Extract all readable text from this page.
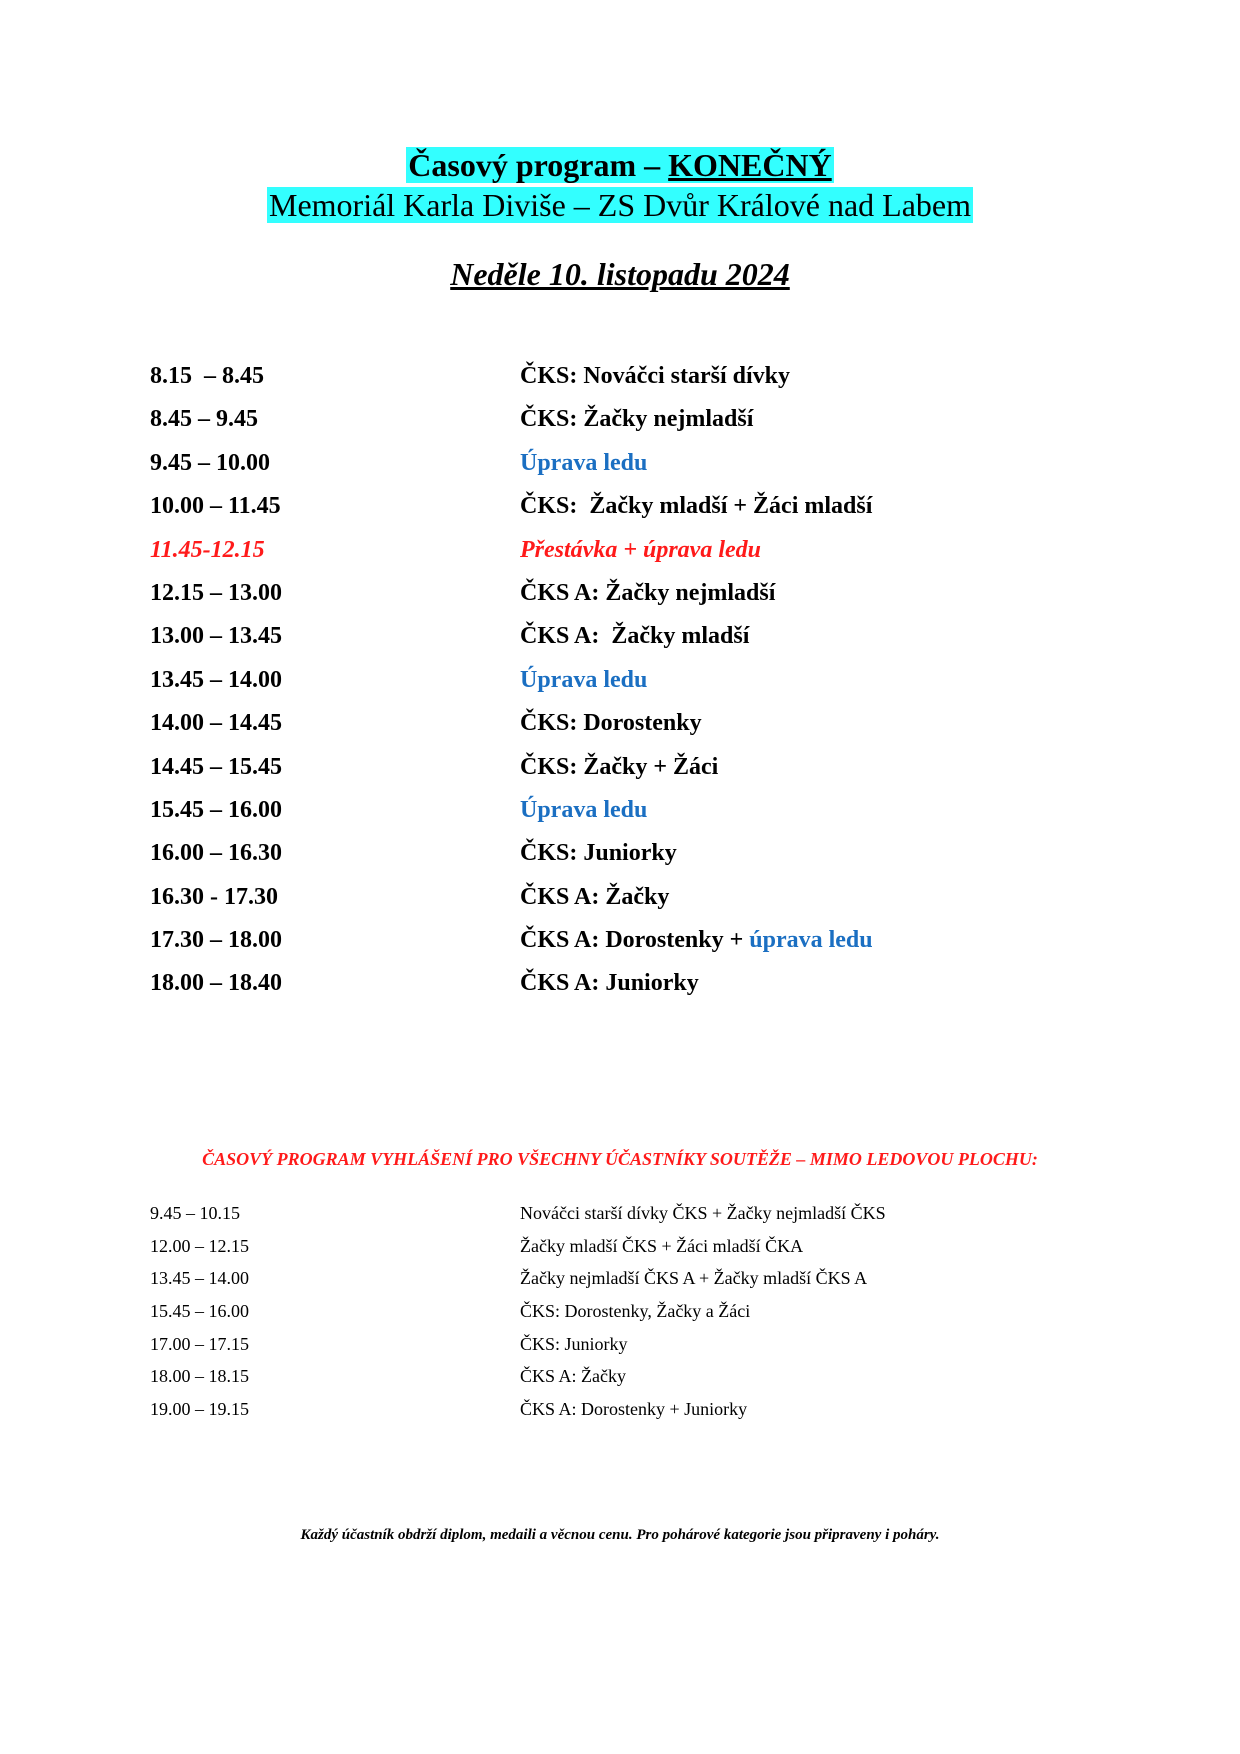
Časový program – KONEČNÝ
Memoriál Karla Diviše – ZS Dvůr Králové nad Labem
Neděle 10. listopadu 2024
8.15  – 8.45	ČKS: Nováčci starší dívky
8.45 – 9.45	ČKS: Žačky nejmladší
9.45 – 10.00	Úprava ledu
10.00 – 11.45	ČKS:  Žačky mladší + Žáci mladší
11.45-12.15	Přestávka + úprava ledu
12.15 – 13.00	ČKS A: Žačky nejmladší
13.00 – 13.45	ČKS A:  Žačky mladší
13.45 – 14.00	Úprava ledu
14.00 – 14.45	ČKS: Dorostenky
14.45 – 15.45	ČKS: Žačky + Žáci
15.45 – 16.00	Úprava ledu
16.00 – 16.30	ČKS: Juniorky
16.30 - 17.30	ČKS A: Žačky
17.30 – 18.00	ČKS A: Dorostenky + úprava ledu
18.00 – 18.40	ČKS A: Juniorky
ČASOVÝ PROGRAM VYHLÁŠENÍ PRO VŠECHNY ÚČASTNÍKY SOUTĚŽE – MIMO LEDOVOU PLOCHU:
9.45 – 10.15	Nováčci starší dívky ČKS + Žačky nejmladší ČKS
12.00 – 12.15	Žačky mladší ČKS + Žáci mladší ČKA
13.45 – 14.00	Žačky nejmladší ČKS A + Žačky mladší ČKS A
15.45 – 16.00	ČKS: Dorostenky, Žačky a Žáci
17.00 – 17.15	ČKS: Juniorky
18.00 – 18.15	ČKS A: Žačky
19.00 – 19.15	ČKS A: Dorostenky + Juniorky
Každý účastník obdrží diplom, medaili a věcnou cenu. Pro pohárové kategorie jsou připraveny i poháry.
